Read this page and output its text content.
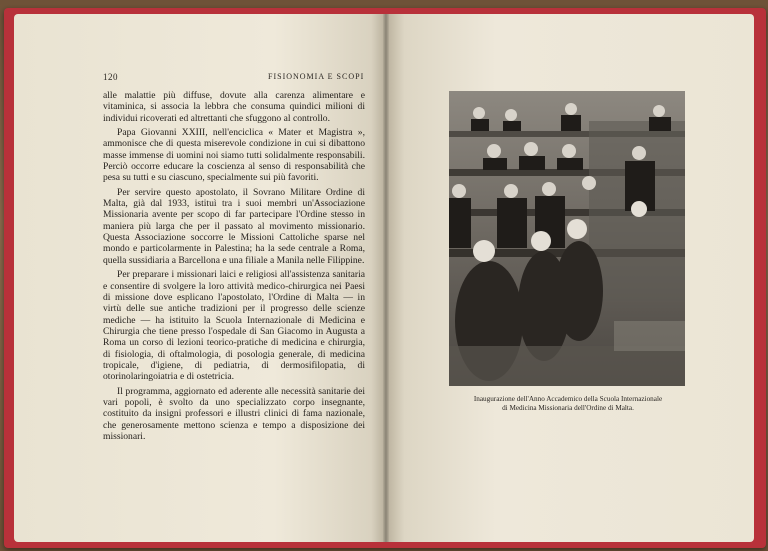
120	FISIONOMIA E SCOPI

alle malattie più diffuse, dovute alla carenza alimentare e vitaminica, si associa la lebbra che consuma quindici milioni di individui ricoverati ed altrettanti che sfuggono al controllo.

Papa Giovanni XXIII, nell'enciclica « Mater et Magistra », ammonisce che di questa miserevole condizione in cui si dibattono masse immense di uomini noi siamo tutti solidalmente responsabili. Perciò occorre educare la coscienza al senso di responsabilità che pesa su tutti e su ciascuno, specialmente sui più favoriti.

Per servire questo apostolato, il Sovrano Militare Ordine di Malta, già dal 1933, istituì tra i suoi membri un'Associazione Missionaria avente per scopo di far partecipare l'Ordine stesso in maniera più larga che per il passato al movimento missionario. Questa Associazione soccorre le Missioni Cattoliche sparse nel mondo e particolarmente in Palestina; ha la sede centrale a Roma, quella sussidiaria a Barcellona e una filiale a Manila nelle Filippine.

Per preparare i missionari laici e religiosi all'assistenza sanitaria e consentire di svolgere la loro attività medico-chirurgica nei Paesi di missione dove esplicano l'apostolato, l'Ordine di Malta — in virtù delle sue antiche tradizioni per il progresso delle scienze mediche — ha istituito la Scuola Internazionale di Medicina e Chirurgia che tiene presso l'ospedale di San Giacomo in Augusta a Roma un corso di lezioni teorico-pratiche di medicina e chirurgia, di fisiologia, di oftalmologia, di posologia generale, di medicina tropicale, d'igiene, di pediatria, di dermosifilopatia, di otorinolaringoiatria e di ostetricia.

Il programma, aggiornato ed aderente alle necessità sanitarie dei vari popoli, è svolto da uno specializzato corpo insegnante, costituito da insigni professori e illustri clinici di fama nazionale, che generosamente mettono scienza e tempo a disposizione dei missionari.

Inaugurazione dell'Anno Accademico della Scuola Internazionale
di Medicina Missionaria dell'Ordine di Malta.
